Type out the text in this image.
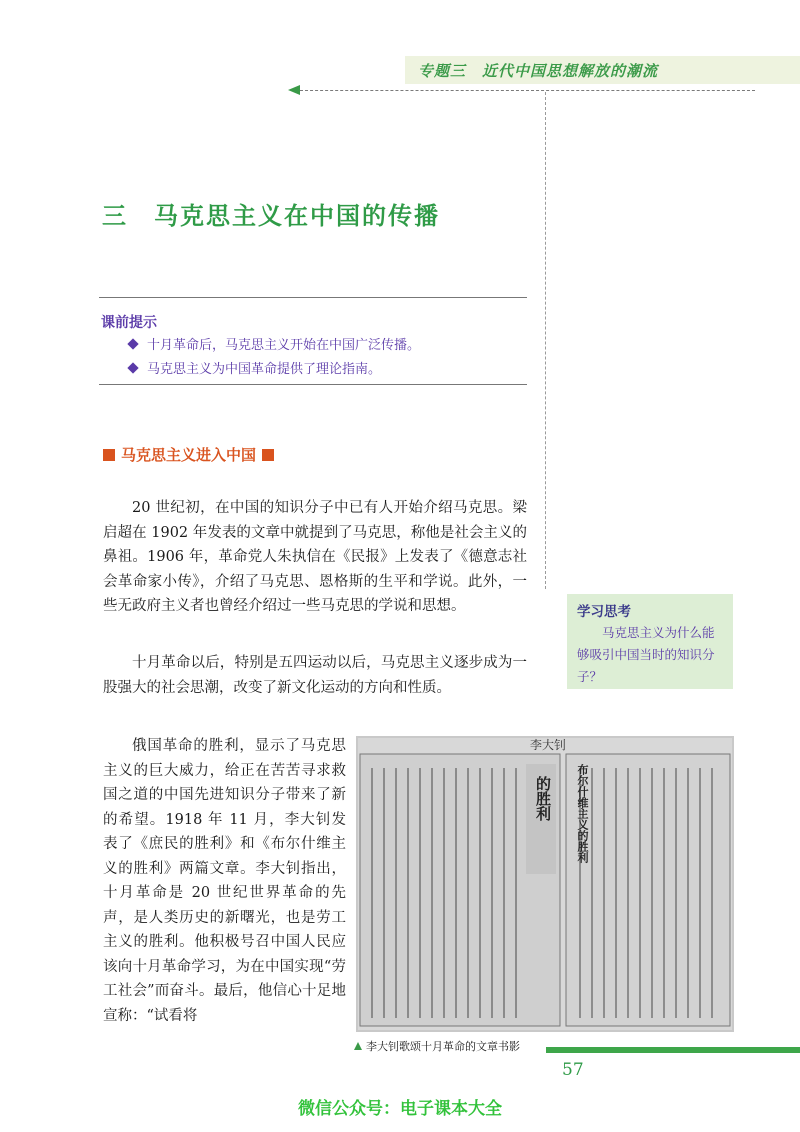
专题三　近代中国思想解放的潮流
三　马克思主义在中国的传播
课前提示
十月革命后，马克思主义开始在中国广泛传播。
马克思主义为中国革命提供了理论指南。
马克思主义进入中国

20 世纪初，在中国的知识分子中已有人开始介绍马克思。梁启超在 1902 年发表的文章中就提到了马克思，称他是社会主义的鼻祖。1906 年，革命党人朱执信在《民报》上发表了《德意志社会革命家小传》，介绍了马克思、恩格斯的生平和学说。此外，一些无政府主义者也曾经介绍过一些马克思的学说和思想。

十月革命以后，特别是五四运动以后，马克思主义逐步成为一股强大的社会思潮，改变了新文化运动的方向和性质。

俄国革命的胜利，显示了马克思主义的巨大威力，给正在苦苦寻求救国之道的中国先进知识分子带来了新的希望。1918 年 11 月，李大钊发表了《庶民的胜利》和《布尔什维主义的胜利》两篇文章。李大钊指出，十月革命是 20 世纪世界革命的先声，是人类历史的新曙光，也是劳工主义的胜利。他积极号召中国人民应该向十月革命学习，为在中国实现“劳工社会”而奋斗。最后，他信心十足地宣称：“试看将

学习思考
马克思主义为什么能够吸引中国当时的知识分子？
李大钊
的胜利	布尔什维主义的胜利
李大钊歌颂十月革命的文章书影
57
微信公众号：电子课本大全
